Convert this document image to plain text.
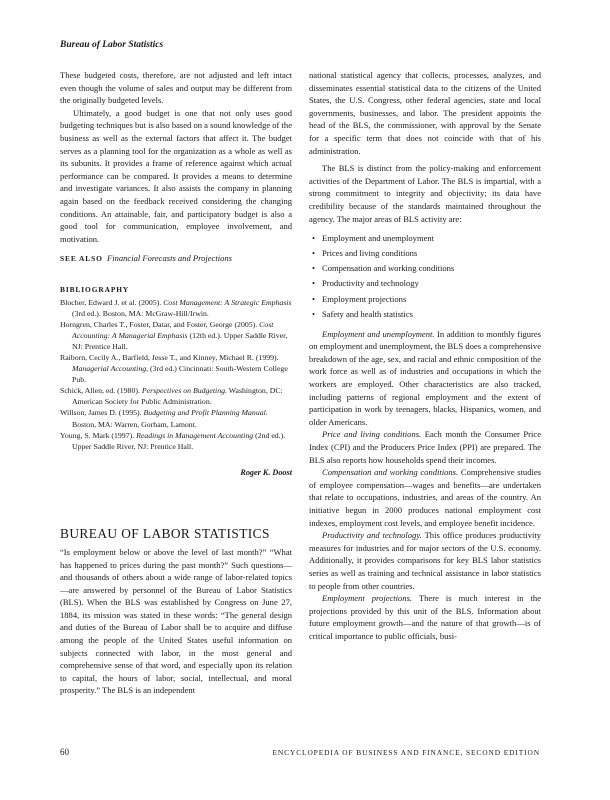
Bureau of Labor Statistics

These budgeted costs, therefore, are not adjusted and left intact even though the volume of sales and output may be different from the originally budgeted levels.

Ultimately, a good budget is one that not only uses good budgeting techniques but is also based on a sound knowledge of the business as well as the external factors that affect it. The budget serves as a planning tool for the organization as a whole as well as its subunits. It provides a frame of reference against which actual performance can be compared. It provides a means to determine and investigate variances. It also assists the company in planning again based on the feedback received considering the changing conditions. An attainable, fair, and participatory budget is also a good tool for communication, employee involvement, and motivation.

SEE ALSO Financial Forecasts and Projections

BIBLIOGRAPHY
Blocher, Edward J. et al. (2005). Cost Management: A Strategic Emphasis (3rd ed.). Boston, MA: McGraw-Hill/Irwin.
Horngren, Charles T., Foster, Datar, and Foster, George (2005). Cost Accounting: A Managerial Emphasis (12th ed.). Upper Saddle River, NJ: Prentice Hall.
Raiborn, Cecily A., Barfield, Jesse T., and Kinney, Michael R. (1999). Managerial Accounting, (3rd ed.) Cincinnati: South-Western College Pub.
Schick, Allen, ed. (1980). Perspectives on Budgeting. Washington, DC: American Society for Public Administration.
Willson, James D. (1995). Budgeting and Profit Planning Manual. Boston, MA: Warren, Gorham, Lamont.
Young, S. Mark (1997). Readings in Management Accounting (2nd ed.). Upper Saddle River, NJ: Prentice Hall.
Roger K. Doost
BUREAU OF LABOR STATISTICS

“Is employment below or above the level of last month?” “What has happened to prices during the past month?” Such questions—and thousands of others about a wide range of labor-related topics—are answered by personnel of the Bureau of Labor Statistics (BLS). When the BLS was established by Congress on June 27, 1884, its mission was stated in these words: “The general design and duties of the Bureau of Labor shall be to acquire and diffuse among the people of the United States useful information on subjects connected with labor, in the most general and comprehensive sense of that word, and especially upon its relation to capital, the hours of labor, social, intellectual, and moral prosperity.” The BLS is an independent

national statistical agency that collects, processes, analyzes, and disseminates essential statistical data to the citizens of the United States, the U.S. Congress, other federal agencies, state and local governments, businesses, and labor. The president appoints the head of the BLS, the commissioner, with approval by the Senate for a specific term that does not coincide with that of his administration.

The BLS is distinct from the policy-making and enforcement activities of the Department of Labor. The BLS is impartial, with a strong commitment to integrity and objectivity; its data have credibility because of the standards maintained throughout the agency. The major areas of BLS activity are:

• Employment and unemployment
• Prices and living conditions
• Compensation and working conditions
• Productivity and technology
• Employment projections
• Safety and health statistics

Employment and unemployment. In addition to monthly figures on employment and unemployment, the BLS does a comprehensive breakdown of the age, sex, and racial and ethnic composition of the work force as well as of industries and occupations in which the workers are employed. Other characteristics are also tracked, including patterns of regional employment and the extent of participation in work by teenagers, blacks, Hispanics, women, and older Americans.

Price and living conditions. Each month the Consumer Price Index (CPI) and the Producers Price Index (PPI) are prepared. The BLS also reports how households spend their incomes.

Compensation and working conditions. Comprehensive studies of employee compensation—wages and benefits—are undertaken that relate to occupations, industries, and areas of the country. An initiative begun in 2000 produces national employment cost indexes, employment cost levels, and employee benefit incidence.

Productivity and technology. This office produces productivity measures for industries and for major sectors of the U.S. economy. Additionally, it provides comparisons for key BLS labor statistics series as well as training and technical assistance in labor statistics to people from other countries.

Employment projections. There is much interest in the projections provided by this unit of the BLS. Information about future employment growth—and the nature of that growth—is of critical importance to public officials, busi-

60	ENCYCLOPEDIA OF BUSINESS AND FINANCE, SECOND EDITION
